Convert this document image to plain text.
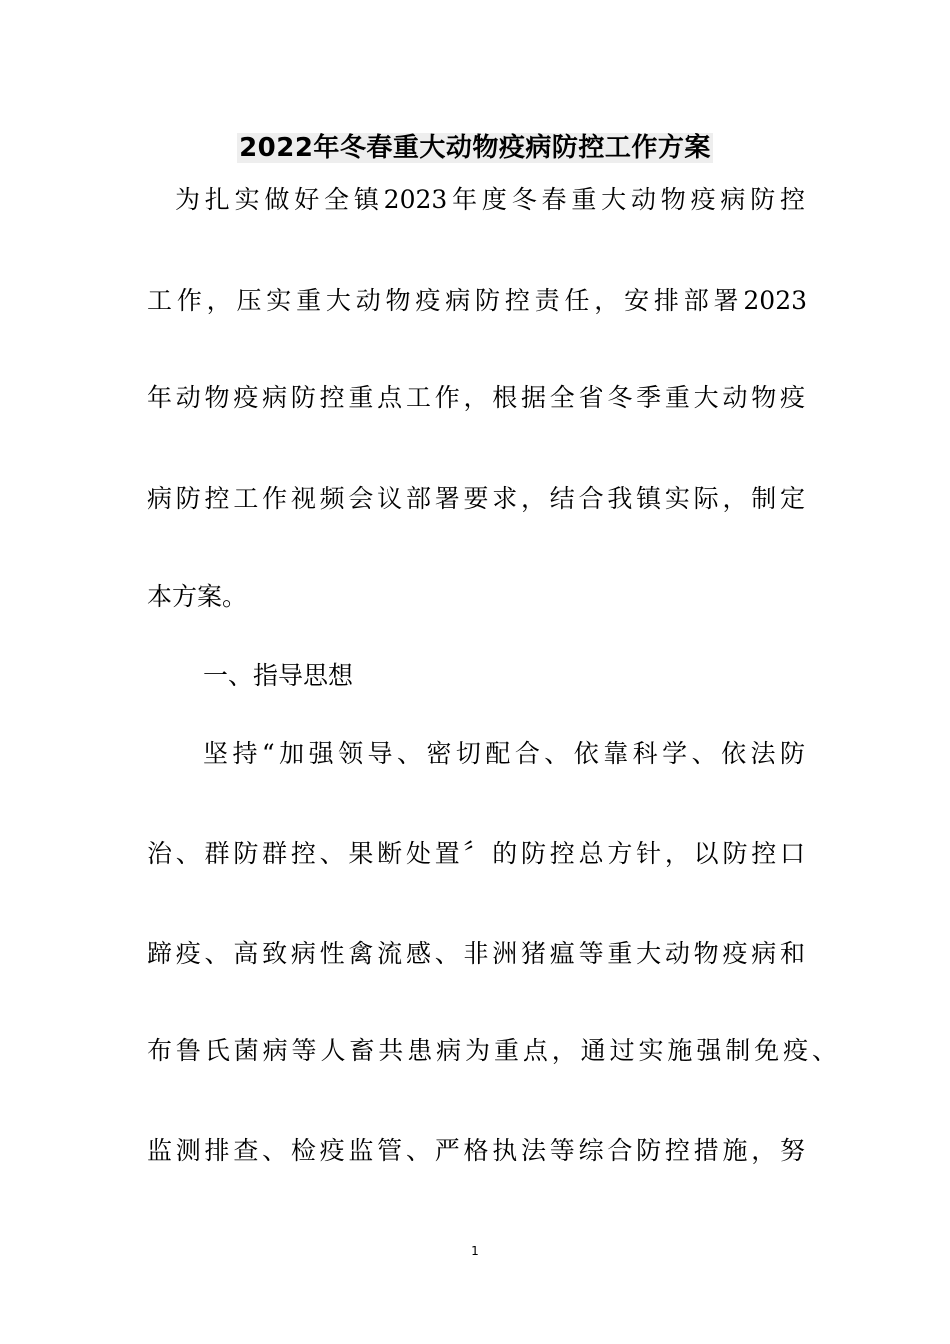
2022年冬春重大动物疫病防控工作方案
为扎实做好全镇2023年度冬春重大动物疫病防控
工作，压实重大动物疫病防控责任，安排部署2023
年动物疫病防控重点工作，根据全省冬季重大动物疫
病防控工作视频会议部署要求，结合我镇实际，制定
本方案。
一、指导思想
坚持“加强领导、密切配合、依靠科学、依法防
治、群防群控、果断处置〞的防控总方针，以防控口
蹄疫、高致病性禽流感、非洲猪瘟等重大动物疫病和
布鲁氏菌病等人畜共患病为重点，通过实施强制免疫、
监测排查、检疫监管、严格执法等综合防控措施，努
1
